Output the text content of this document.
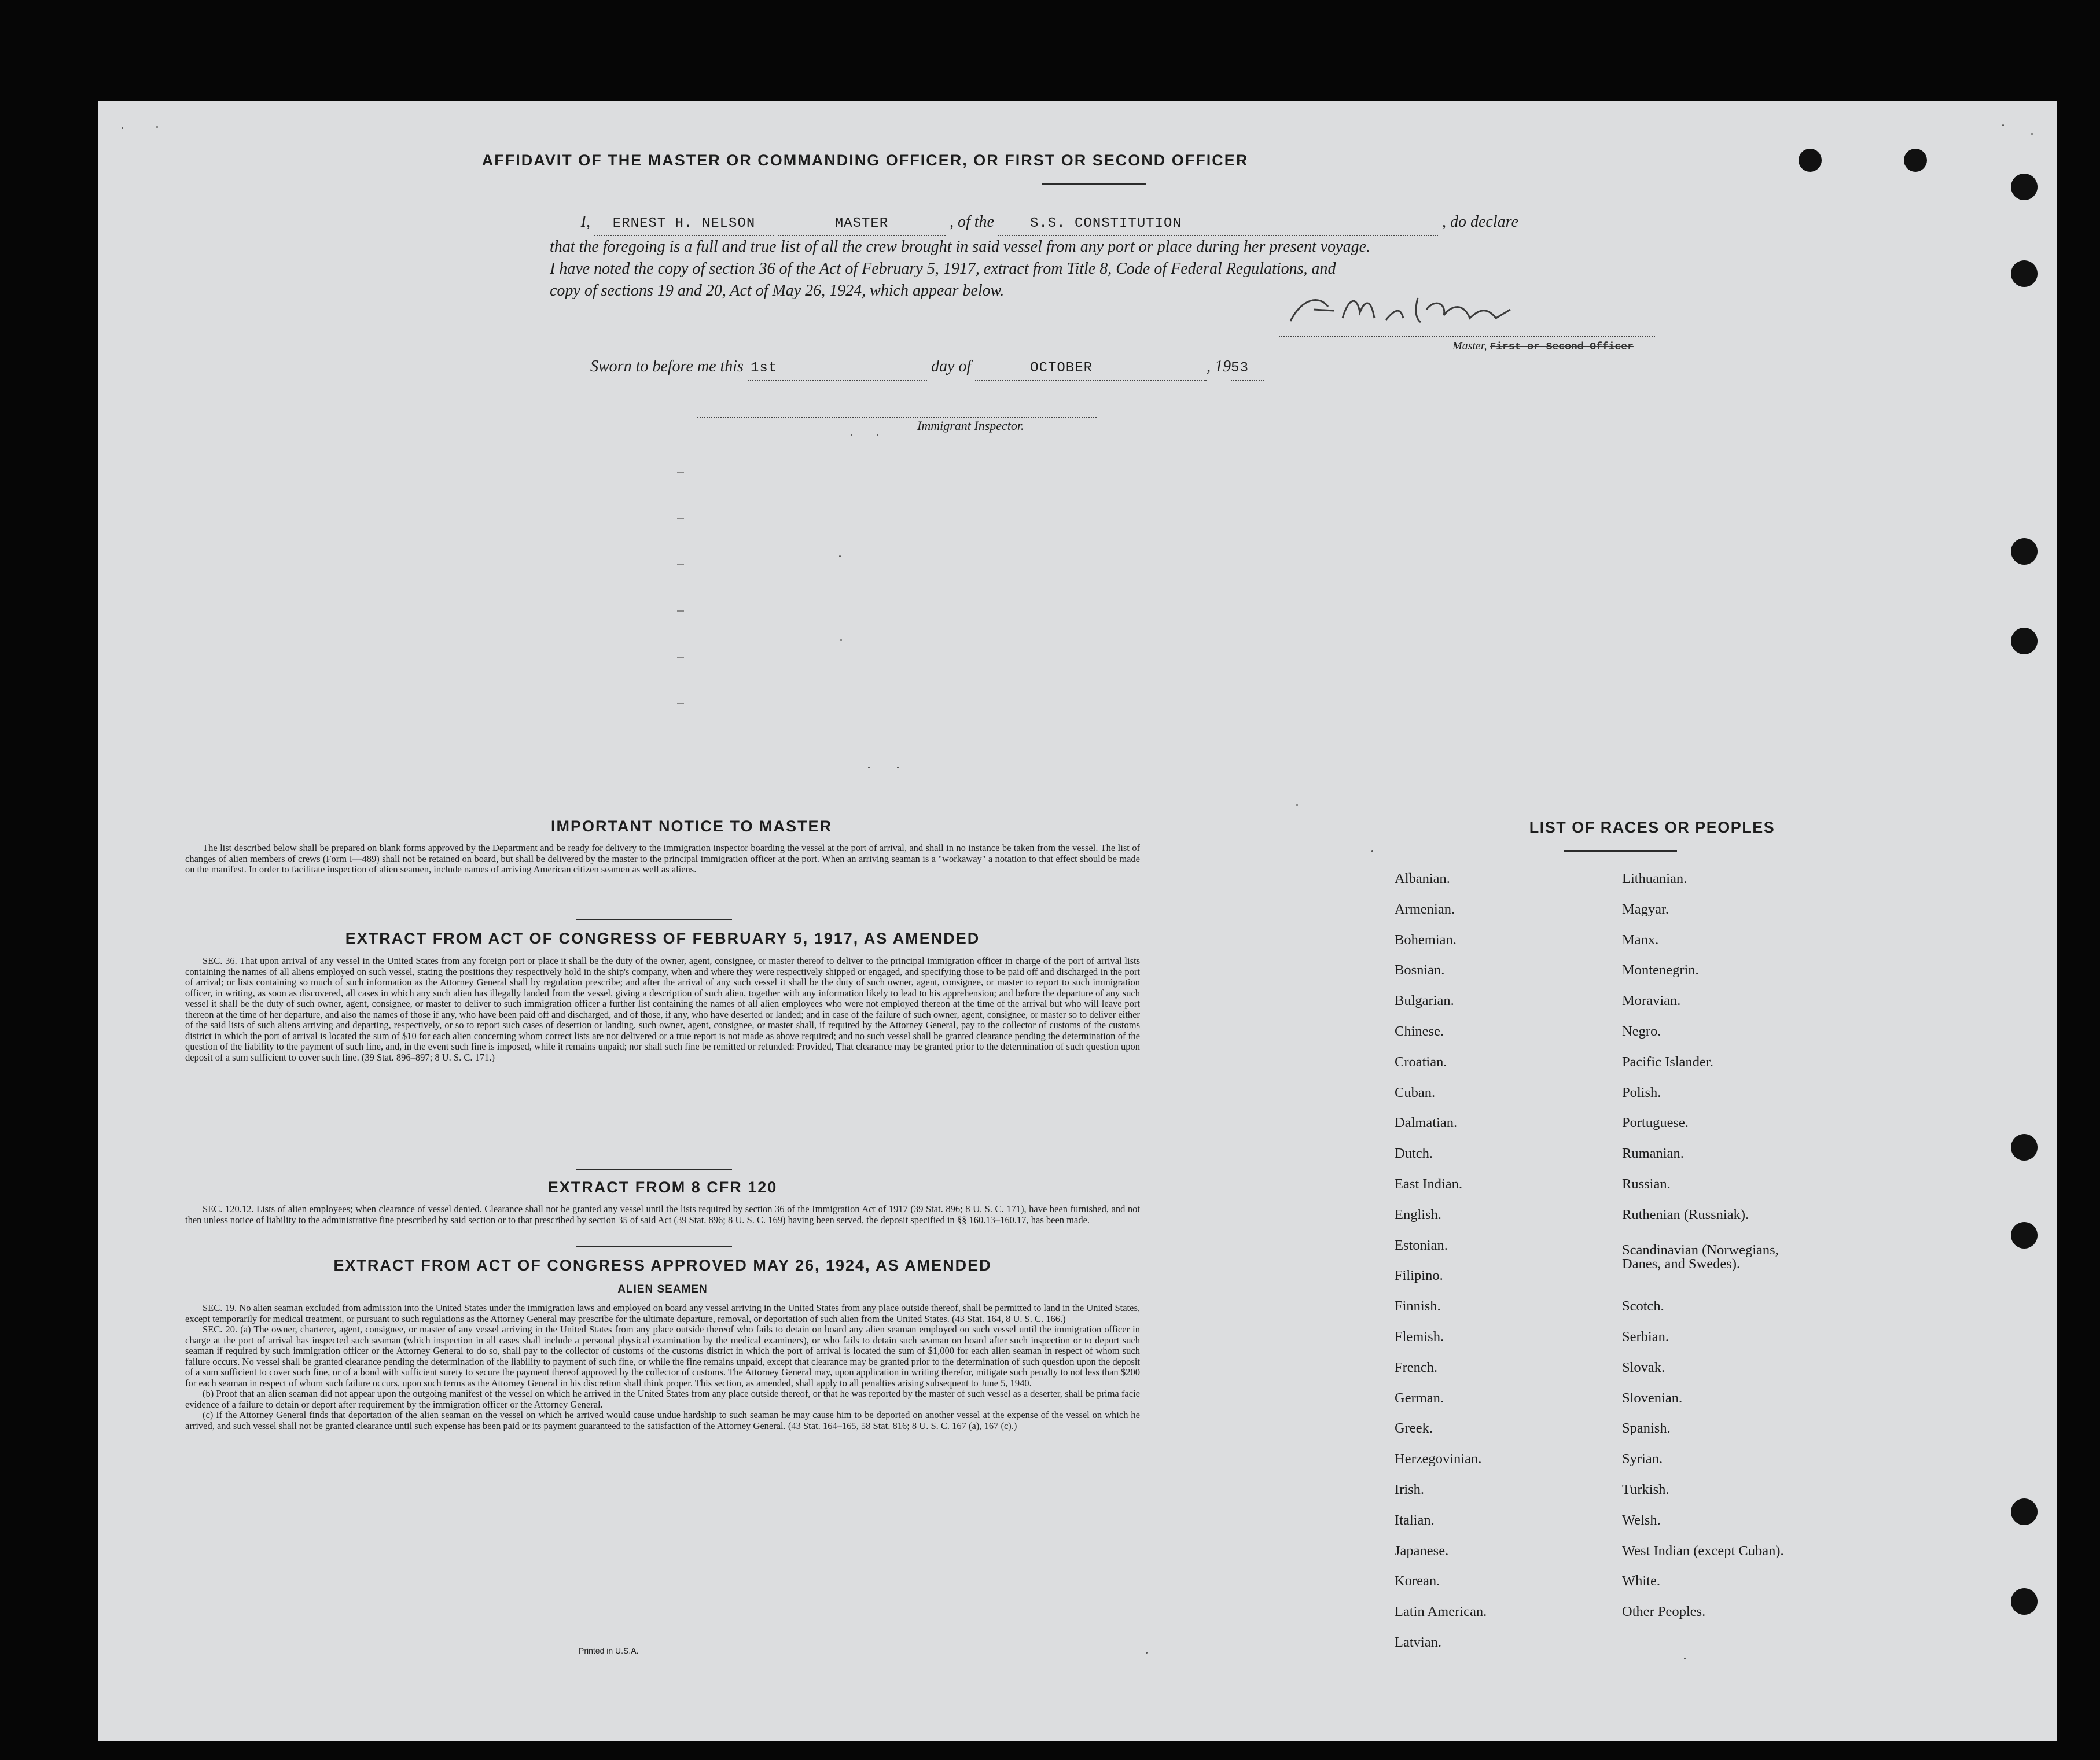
AFFIDAVIT OF THE MASTER OR COMMANDING OFFICER, OR FIRST OR SECOND OFFICER
I, ERNEST H. NELSON	MASTER	, of the	S.S. CONSTITUTION	, do declare
that the foregoing is a full and true list of all the crew brought in said vessel from any port or place during her present voyage.
I have noted the copy of section 36 of the Act of February 5, 1917, extract from Title 8, Code of Federal Regulations, and
copy of sections 19 and 20, Act of May 26, 1924, which appear below.
Master, First or Second Officer
Sworn to before me this 1st	day of	OCTOBER	, 1953
Immigrant Inspector.
IMPORTANT NOTICE TO MASTER

The list described below shall be prepared on blank forms approved by the Department and be ready for delivery to the immigration inspector boarding the vessel at the port of arrival, and shall in no instance be taken from the vessel. The list of changes of alien members of crews (Form I—489) shall not be retained on board, but shall be delivered by the master to the principal immigration officer at the port. When an arriving seaman is a "workaway" a notation to that effect should be made on the manifest. In order to facilitate inspection of alien seamen, include names of arriving American citizen seamen as well as aliens.

EXTRACT FROM ACT OF CONGRESS OF FEBRUARY 5, 1917, AS AMENDED

SEC. 36. That upon arrival of any vessel in the United States from any foreign port or place it shall be the duty of the owner, agent, consignee, or master thereof to deliver to the principal immigration officer in charge of the port of arrival lists containing the names of all aliens employed on such vessel, stating the positions they respectively hold in the ship's company, when and where they were respectively shipped or engaged, and specifying those to be paid off and discharged in the port of arrival; or lists containing so much of such information as the Attorney General shall by regulation prescribe; and after the arrival of any such vessel it shall be the duty of such owner, agent, consignee, or master to report to such immigration officer, in writing, as soon as discovered, all cases in which any such alien has illegally landed from the vessel, giving a description of such alien, together with any information likely to lead to his apprehension; and before the departure of any such vessel it shall be the duty of such owner, agent, consignee, or master to deliver to such immigration officer a further list containing the names of all alien employees who were not employed thereon at the time of the arrival but who will leave port thereon at the time of her departure, and also the names of those if any, who have been paid off and discharged, and of those, if any, who have deserted or landed; and in case of the failure of such owner, agent, consignee, or master so to deliver either of the said lists of such aliens arriving and departing, respectively, or so to report such cases of desertion or landing, such owner, agent, consignee, or master shall, if required by the Attorney General, pay to the collector of customs of the customs district in which the port of arrival is located the sum of $10 for each alien concerning whom correct lists are not delivered or a true report is not made as above required; and no such vessel shall be granted clearance pending the determination of the question of the liability to the payment of such fine, and, in the event such fine is imposed, while it remains unpaid; nor shall such fine be remitted or refunded: Provided, That clearance may be granted prior to the determination of such question upon deposit of a sum sufficient to cover such fine. (39 Stat. 896–897; 8 U. S. C. 171.)

EXTRACT FROM 8 CFR 120

SEC. 120.12. Lists of alien employees; when clearance of vessel denied. Clearance shall not be granted any vessel until the lists required by section 36 of the Immigration Act of 1917 (39 Stat. 896; 8 U. S. C. 171), have been furnished, and not then unless notice of liability to the administrative fine prescribed by said section or to that prescribed by section 35 of said Act (39 Stat. 896; 8 U. S. C. 169) having been served, the deposit specified in §§ 160.13–160.17, has been made.

EXTRACT FROM ACT OF CONGRESS APPROVED MAY 26, 1924, AS AMENDED
ALIEN SEAMEN

SEC. 19. No alien seaman excluded from admission into the United States under the immigration laws and employed on board any vessel arriving in the United States from any place outside thereof, shall be permitted to land in the United States, except temporarily for medical treatment, or pursuant to such regulations as the Attorney General may prescribe for the ultimate departure, removal, or deportation of such alien from the United States. (43 Stat. 164, 8 U. S. C. 166.)

SEC. 20. (a) The owner, charterer, agent, consignee, or master of any vessel arriving in the United States from any place outside thereof who fails to detain on board any alien seaman employed on such vessel until the immigration officer in charge at the port of arrival has inspected such seaman (which inspection in all cases shall include a personal physical examination by the medical examiners), or who fails to detain such seaman on board after such inspection or to deport such seaman if required by such immigration officer or the Attorney General to do so, shall pay to the collector of customs of the customs district in which the port of arrival is located the sum of $1,000 for each alien seaman in respect of whom such failure occurs. No vessel shall be granted clearance pending the determination of the liability to payment of such fine, or while the fine remains unpaid, except that clearance may be granted prior to the determination of such question upon the deposit of a sum sufficient to cover such fine, or of a bond with sufficient surety to secure the payment thereof approved by the collector of customs. The Attorney General may, upon application in writing therefor, mitigate such penalty to not less than $200 for each seaman in respect of whom such failure occurs, upon such terms as the Attorney General in his discretion shall think proper. This section, as amended, shall apply to all penalties arising subsequent to June 5, 1940.

(b) Proof that an alien seaman did not appear upon the outgoing manifest of the vessel on which he arrived in the United States from any place outside thereof, or that he was reported by the master of such vessel as a deserter, shall be prima facie evidence of a failure to detain or deport after requirement by the immigration officer or the Attorney General.

(c) If the Attorney General finds that deportation of the alien seaman on the vessel on which he arrived would cause undue hardship to such seaman he may cause him to be deported on another vessel at the expense of the vessel on which he arrived, and such vessel shall not be granted clearance until such expense has been paid or its payment guaranteed to the satisfaction of the Attorney General. (43 Stat. 164–165, 58 Stat. 816; 8 U. S. C. 167 (a), 167 (c).)

Printed in U.S.A.
LIST OF RACES OR PEOPLES
Albanian.
Armenian.
Bohemian.
Bosnian.
Bulgarian.
Chinese.
Croatian.
Cuban.
Dalmatian.
Dutch.
East Indian.
English.
Estonian.
Filipino.
Finnish.
Flemish.
French.
German.
Greek.
Herzegovinian.
Irish.
Italian.
Japanese.
Korean.
Latin American.
Latvian.
Lithuanian.
Magyar.
Manx.
Montenegrin.
Moravian.
Negro.
Pacific Islander.
Polish.
Portuguese.
Rumanian.
Russian.
Ruthenian (Russniak).
Scandinavian (Norwegians, Danes, and Swedes).
Scotch.
Serbian.
Slovak.
Slovenian.
Spanish.
Syrian.
Turkish.
Welsh.
West Indian (except Cuban).
White.
Other Peoples.
